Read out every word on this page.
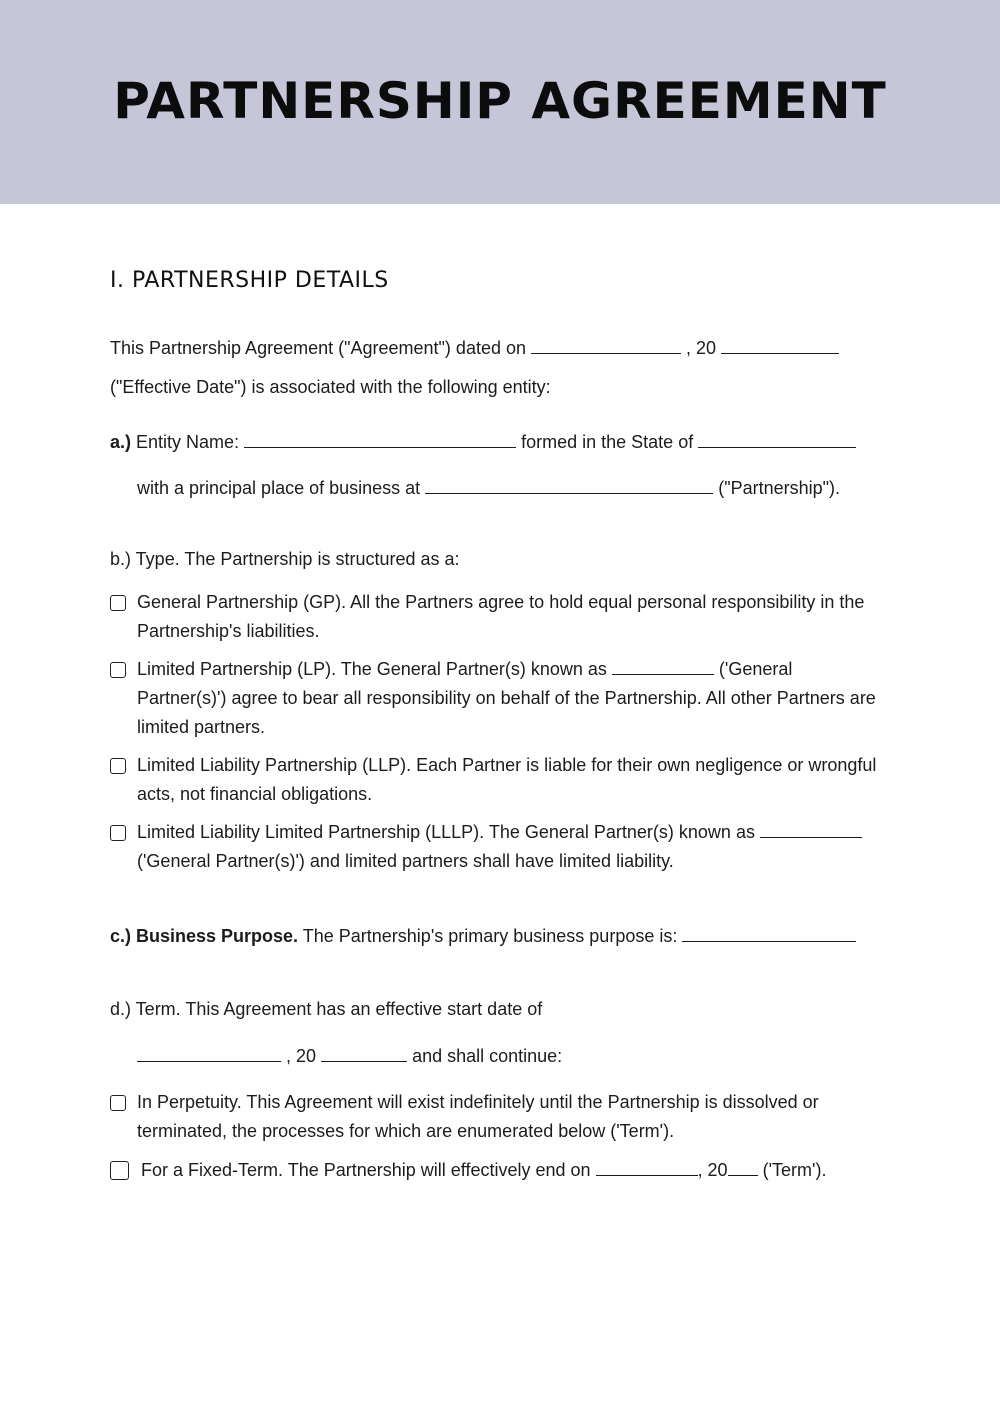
PARTNERSHIP AGREEMENT
I. PARTNERSHIP DETAILS
This Partnership Agreement ("Agreement") dated on	, 20
("Effective Date") is associated with the following entity:
a.) Entity Name:	formed in the State of
with a principal place of business at	("Partnership").
b.) Type. The Partnership is structured as a:
General Partnership (GP). All the Partners agree to hold equal personal responsibility in the Partnership's liabilities.
Limited Partnership (LP). The General Partner(s) known as	('General Partner(s)') agree to bear all responsibility on behalf of the Partnership. All other Partners are limited partners.
Limited Liability Partnership (LLP). Each Partner is liable for their own negligence or wrongful acts, not financial obligations.
Limited Liability Limited Partnership (LLLP). The General Partner(s) known as  ('General Partner(s)') and limited partners shall have limited liability.
c.) Business Purpose. The Partnership's primary business purpose is:
d.) Term. This Agreement has an effective start date of
, 20	and shall continue:
In Perpetuity. This Agreement will exist indefinitely until the Partnership is dissolved or terminated, the processes for which are enumerated below ('Term').
For a Fixed-Term. The Partnership will effectively end on	, 20 ('Term').
